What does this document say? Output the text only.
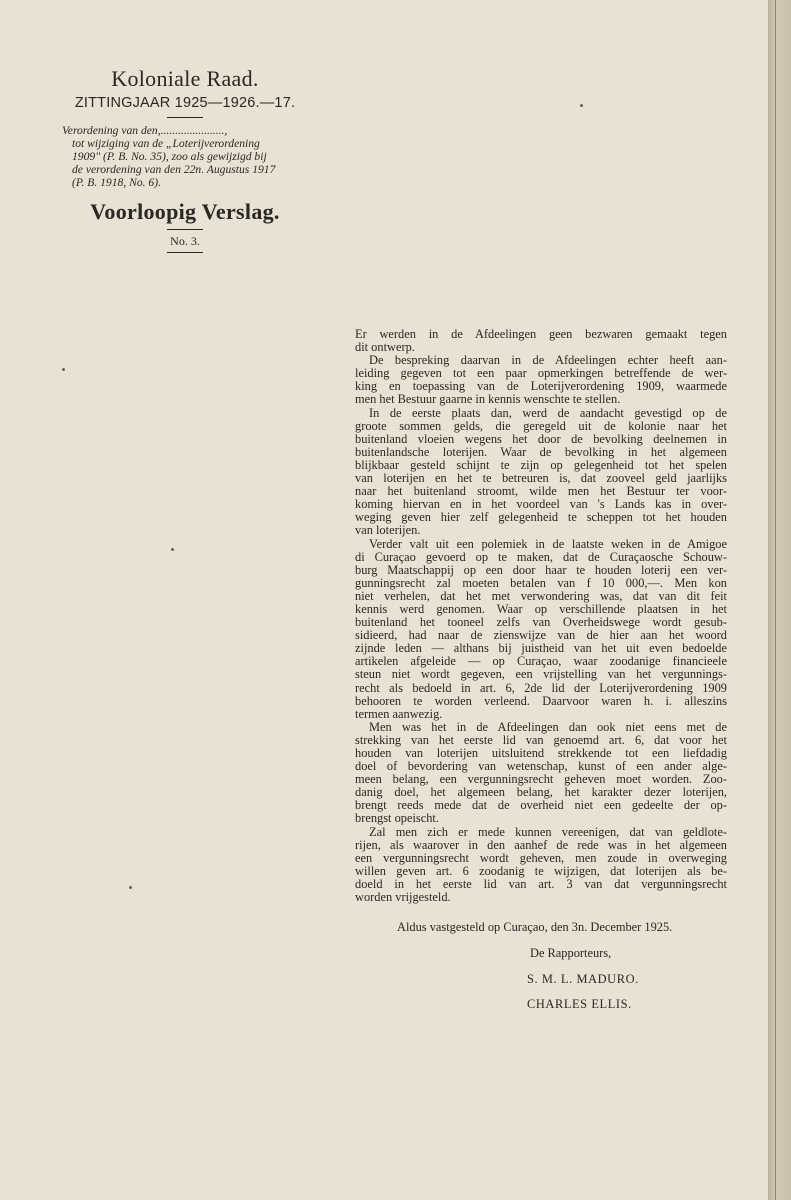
Koloniale Raad.
ZITTINGJAAR 1925—1926.—17.
Verordening van den,......................,
tot wijziging van de „Loterijverordening
1909" (P. B. No. 35), zoo als gewijzigd bij
de verordening van den 22n. Augustus 1917
(P. B. 1918, No. 6).
Voorloopig Verslag.
No. 3.

Er werden in de Afdeelingen geen bezwaren gemaakt tegen
dit ontwerp.

De bespreking daarvan in de Afdeelingen echter heeft aan-
leiding gegeven tot een paar opmerkingen betreffende de wer-
king en toepassing van de Loterijverordening 1909, waarmede
men het Bestuur gaarne in kennis wenschte te stellen.

In de eerste plaats dan, werd de aandacht gevestigd op de
groote sommen gelds, die geregeld uit de kolonie naar het
buitenland vloeien wegens het door de bevolking deelnemen in
buitenlandsche loterijen. Waar de bevolking in het algemeen
blijkbaar gesteld schijnt te zijn op gelegenheid tot het spelen
van loterijen en het te betreuren is, dat zooveel geld jaarlijks
naar het buitenland stroomt, wilde men het Bestuur ter voor-
koming hiervan en in het voordeel van 's Lands kas in over-
weging geven hier zelf gelegenheid te scheppen tot het houden
van loterijen.

Verder valt uit een polemiek in de laatste weken in de Amigoe
di Curaçao gevoerd op te maken, dat de Curaçaosche Schouw-
burg Maatschappij op een door haar te houden loterij een ver-
gunningsrecht zal moeten betalen van f 10 000,—. Men kon
niet verhelen, dat het met verwondering was, dat van dit feit
kennis werd genomen. Waar op verschillende plaatsen in het
buitenland het tooneel zelfs van Overheidswege wordt gesub-
sidieerd, had naar de zienswijze van de hier aan het woord
zijnde leden — althans bij juistheid van het uit even bedoelde
artikelen afgeleide — op Curaçao, waar zoodanige financieele
steun niet wordt gegeven, een vrijstelling van het vergunnings-
recht als bedoeld in art. 6, 2de lid der Loterijverordening 1909
behooren te worden verleend. Daarvoor waren h. i. alleszins
termen aanwezig.

Men was het in de Afdeelingen dan ook niet eens met de
strekking van het eerste lid van genoemd art. 6, dat voor het
houden van loterijen uitsluitend strekkende tot een liefdadig
doel of bevordering van wetenschap, kunst of een ander alge-
meen belang, een vergunningsrecht geheven moet worden. Zoo-
danig doel, het algemeen belang, het karakter dezer loterijen,
brengt reeds mede dat de overheid niet een gedeelte der op-
brengst opeischt.

Zal men zich er mede kunnen vereenigen, dat van geldlote-
rijen, als waarover in den aanhef de rede was in het algemeen
een vergunningsrecht wordt geheven, men zoude in overweging
willen geven art. 6 zoodanig te wijzigen, dat loterijen als be-
doeld in het eerste lid van art. 3 van dat vergunningsrecht
worden vrijgesteld.

Aldus vastgesteld op Curaçao, den 3n. December 1925.
De Rapporteurs,
S. M. L. MADURO.
CHARLES ELLIS.
